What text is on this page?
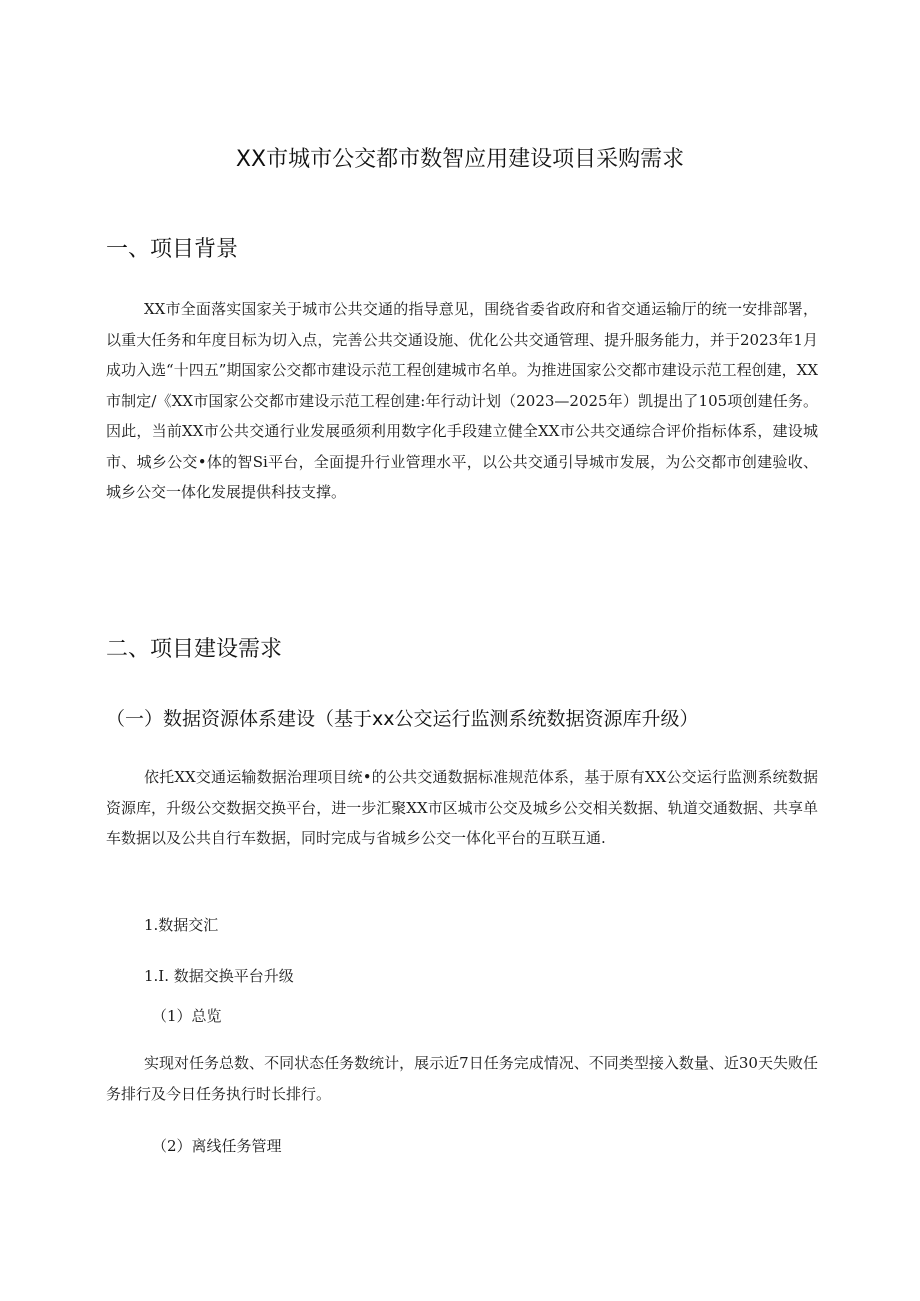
XX市城市公交都市数智应用建设项目采购需求
一、项目背景

XX市全面落实国家关于城市公共交通的指导意见，围绕省委省政府和省交通运输厅的统一安排部署，以重大任务和年度目标为切入点，完善公共交通设施、优化公共交通管理、提升服务能力，并于2023年1月成功入选“十四五”期国家公交都市建设示范工程创建城市名单。为推进国家公交都市建设示范工程创建，XX市制定/《XX市国家公交都市建设示范工程创建:年行动计划（2023—2025年）凯提出了105项创建任务。因此，当前XX市公共交通行业发展亟须利用数字化手段建立健全XX市公共交通综合评价指标体系，建设城市、城乡公交•体的智Si平台，全面提升行业管理水平，以公共交通引导城市发展，为公交都市创建验收、城乡公交一体化发展提供科技支撑。

二、项目建设需求
（一）数据资源体系建设（基于xx公交运行监测系统数据资源库升级）

依托XX交通运输数据治理项目统•的公共交通数据标准规范体系，基于原有XX公交运行监测系统数据资源库，升级公交数据交换平台，进一步汇聚XX市区城市公交及城乡公交相关数据、轨道交通数据、共享单车数据以及公共自行车数据，同时完成与省城乡公交一体化平台的互联互通.

1.数据交汇
1.I. 数据交换平台升级
（1）总览

实现对任务总数、不同状态任务数统计，展示近7日任务完成情况、不同类型接入数量、近30天失败任务排行及今日任务执行时长排行。

（2）离线任务管理
